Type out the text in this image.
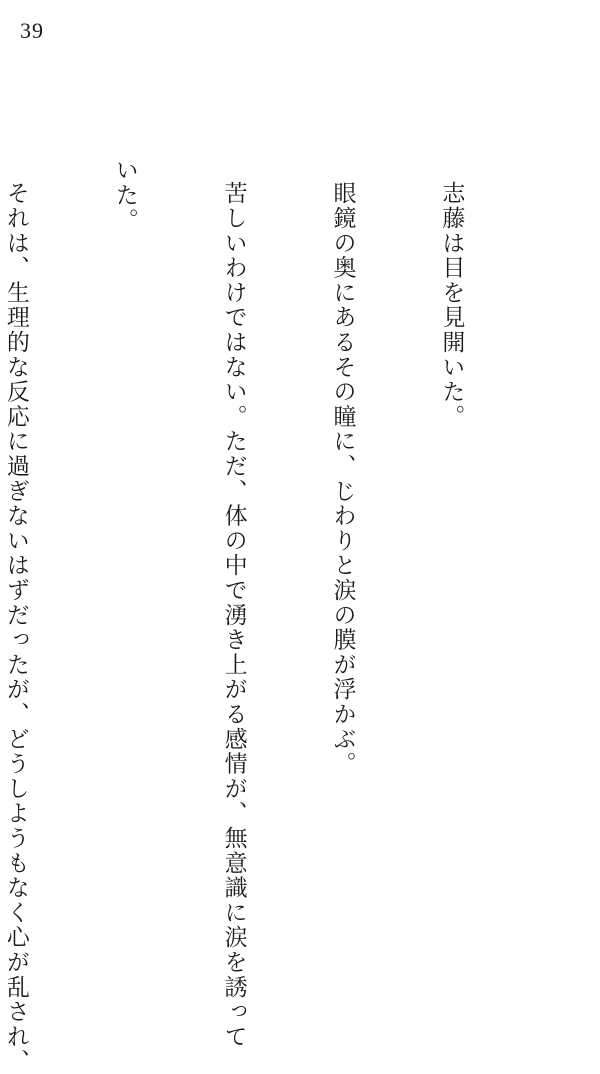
39

志藤は目を見開いた。

眼鏡の奥にあるその瞳に、じわりと涙の膜が浮かぶ。

苦しいわけではない。ただ、体の中で湧き上がる感情が、無意識に涙を誘って

いた。

それは、生理的な反応に過ぎないはずだったが、どうしようもなく心が乱され、
